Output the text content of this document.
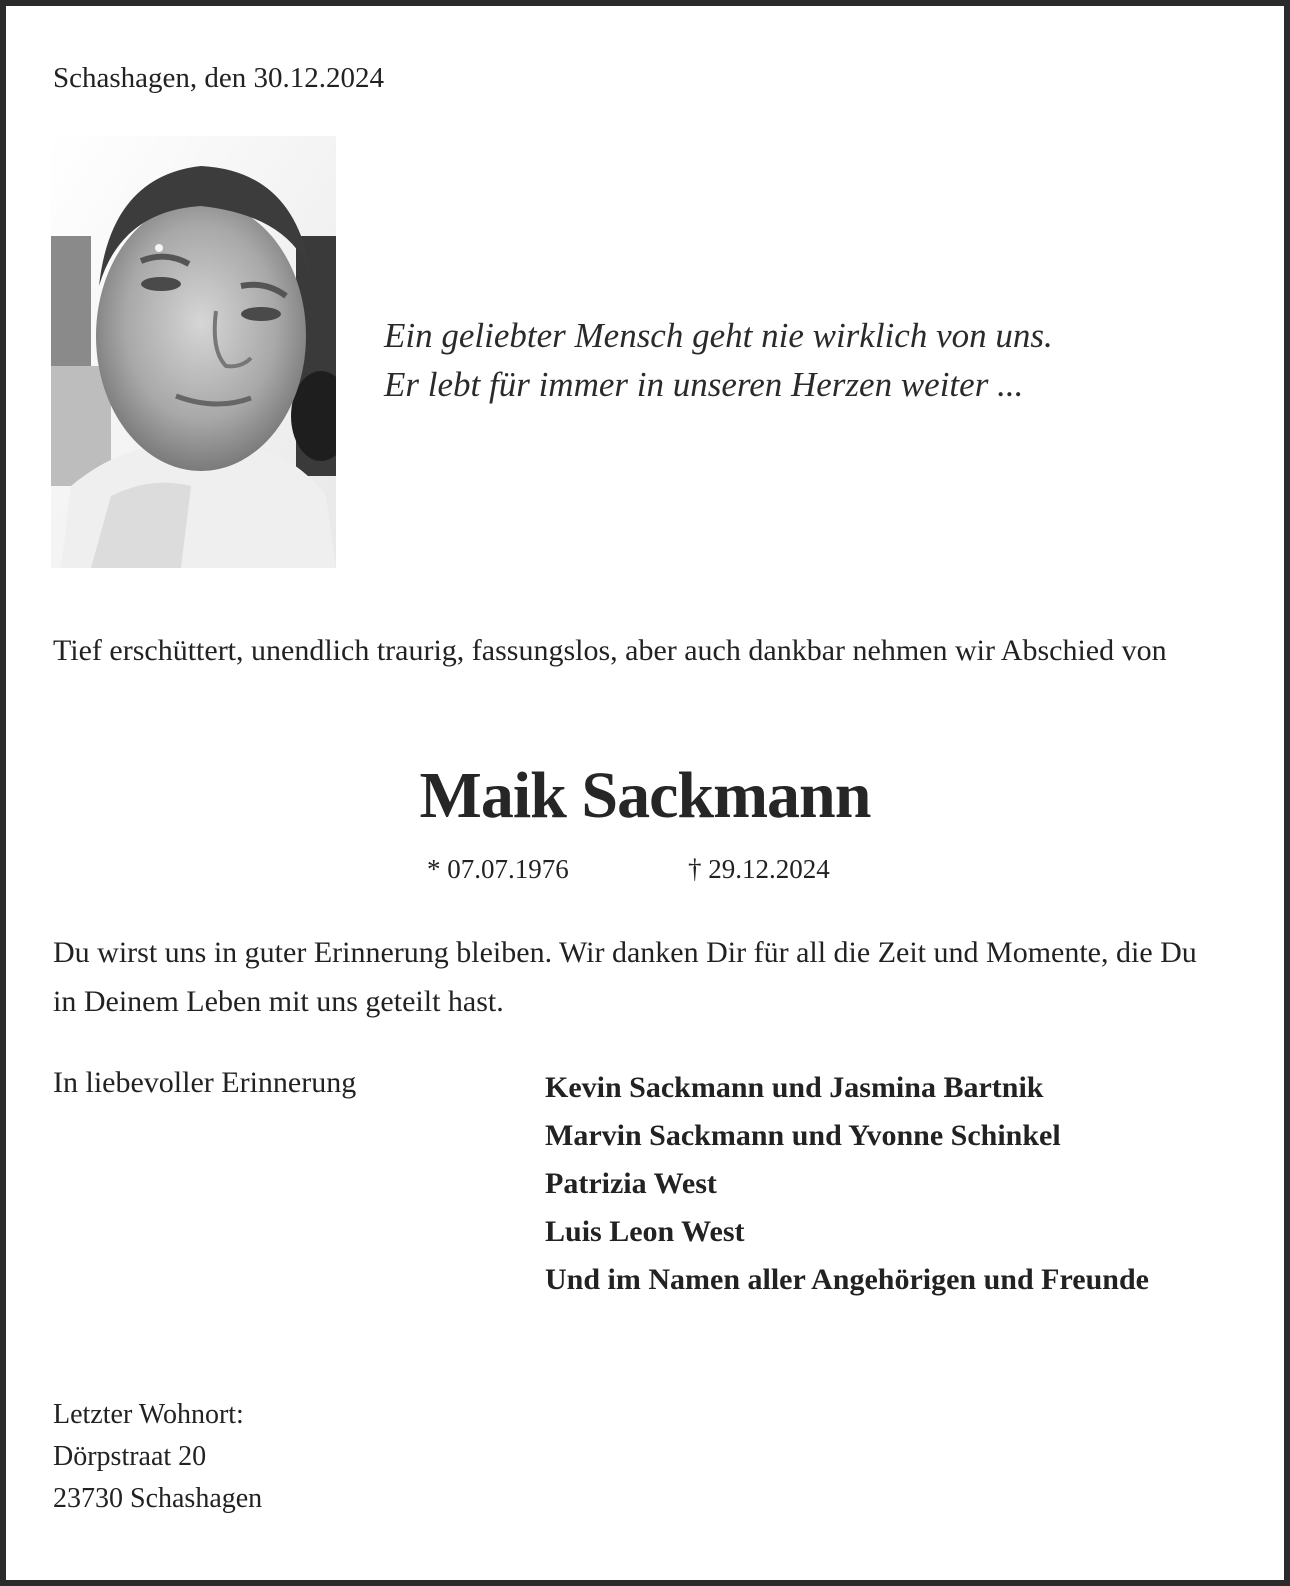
Schashagen, den 30.12.2024
Ein geliebter Mensch geht nie wirklich von uns.
Er lebt für immer in unseren Herzen weiter ...
Tief erschüttert, unendlich traurig, fassungslos, aber auch dankbar nehmen wir Abschied von
Maik Sackmann
* 07.07.1976	† 29.12.2024
Du wirst uns in guter Erinnerung bleiben. Wir danken Dir für all die Zeit und Momente, die Du in Deinem Leben mit uns geteilt hast.
In liebevoller Erinnerung	Kevin Sackmann und Jasmina Bartnik
Marvin Sackmann und Yvonne Schinkel
Patrizia West
Luis Leon West
Und im Namen aller Angehörigen und Freunde
Letzter Wohnort:
Dörpstraat 20
23730 Schashagen
